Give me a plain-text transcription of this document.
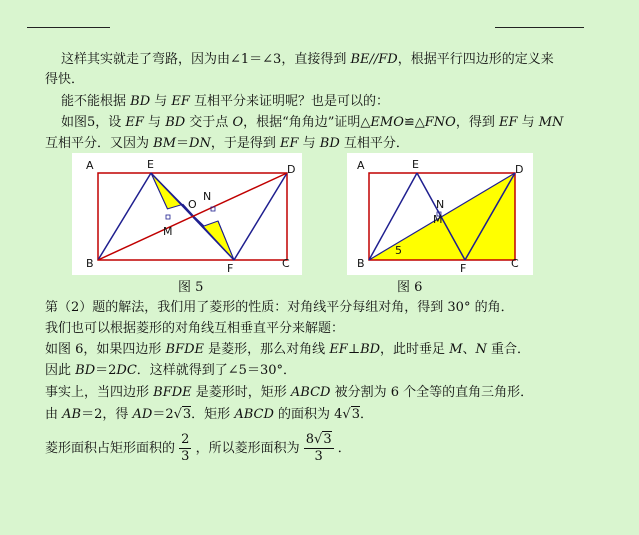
这样其实就走了弯路，因为由∠1＝∠3，直接得到 BE//FD，根据平行四边形的定义来
得快．
能不能根据 BD 与 EF 互相平分来证明呢？也是可以的：
如图5，设 EF 与 BD 交于点 O，根据“角角边”证明△EMO≌△FNO，得到 EF 与 MN
互相平分．又因为 BM＝DN，于是得到 EF 与 BD 互相平分．
A	E	D
O
N
M
B	F	C
图 5
A	E	D
N
M
5
B	F	C
图 6
第（2）题的解法，我们用了菱形的性质：对角线平分每组对角，得到 30° 的角．
我们也可以根据菱形的对角线互相垂直平分来解题：
如图 6，如果四边形 BFDE 是菱形，那么对角线 EF⊥BD，此时垂足 M、N 重合．
因此 BD＝2DC．这样就得到了∠5＝30°．
事实上，当四边形 BFDE 是菱形时，矩形 ABCD 被分割为 6 个全等的直角三角形．
由 AB＝2，得 AD＝2√3．矩形 ABCD 的面积为 4√3．
菱形面积占矩形面积的 $\frac{2}{3}$ ，所以菱形面积为 $\frac{8√3}{3}$ ．
